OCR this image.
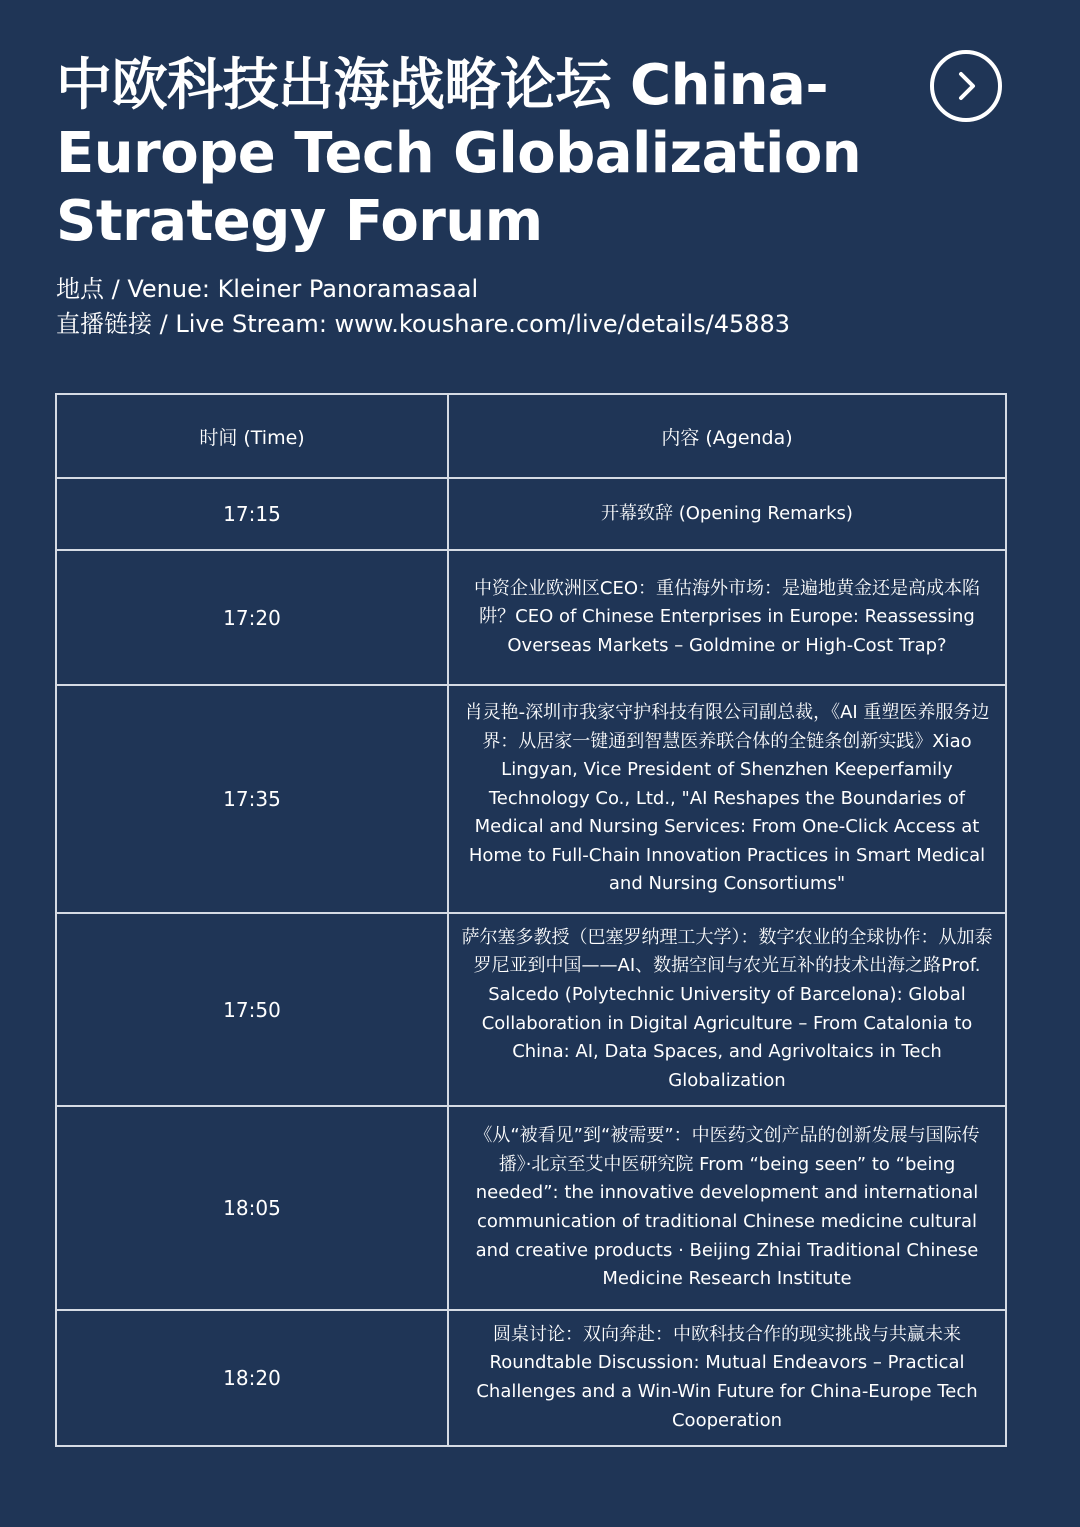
中欧科技出海战略论坛 China-Europe Tech Globalization Strategy Forum
地点 / Venue: Kleiner Panoramasaal
直播链接 / Live Stream: www.koushare.com/live/details/45883
时间 (Time)	内容 (Agenda)
17:15	开幕致辞 (Opening Remarks)
17:20	中资企业欧洲区CEO：重估海外市场：是遍地黄金还是高成本陷阱？CEO of Chinese Enterprises in Europe: Reassessing Overseas Markets – Goldmine or High-Cost Trap?
17:35	肖灵艳-深圳市我家守护科技有限公司副总裁，《AI 重塑医养服务边界：从居家一键通到智慧医养联合体的全链条创新实践》Xiao Lingyan, Vice President of Shenzhen Keeperfamily Technology Co., Ltd., "AI Reshapes the Boundaries of Medical and Nursing Services: From One-Click Access at Home to Full-Chain Innovation Practices in Smart Medical and Nursing Consortiums"
17:50	萨尔塞多教授（巴塞罗纳理工大学）：数字农业的全球协作：从加泰罗尼亚到中国——AI、数据空间与农光互补的技术出海之路Prof. Salcedo (Polytechnic University of Barcelona): Global Collaboration in Digital Agriculture – From Catalonia to China: AI, Data Spaces, and Agrivoltaics in Tech Globalization
18:05	《从“被看见”到“被需要”：中医药文创产品的创新发展与国际传播》·北京至艾中医研究院 From “being seen” to “being needed”: the innovative development and international communication of traditional Chinese medicine cultural and creative products · Beijing Zhiai Traditional Chinese Medicine Research Institute
18:20	圆桌讨论：双向奔赴：中欧科技合作的现实挑战与共赢未来 Roundtable Discussion: Mutual Endeavors – Practical Challenges and a Win-Win Future for China-Europe Tech Cooperation
